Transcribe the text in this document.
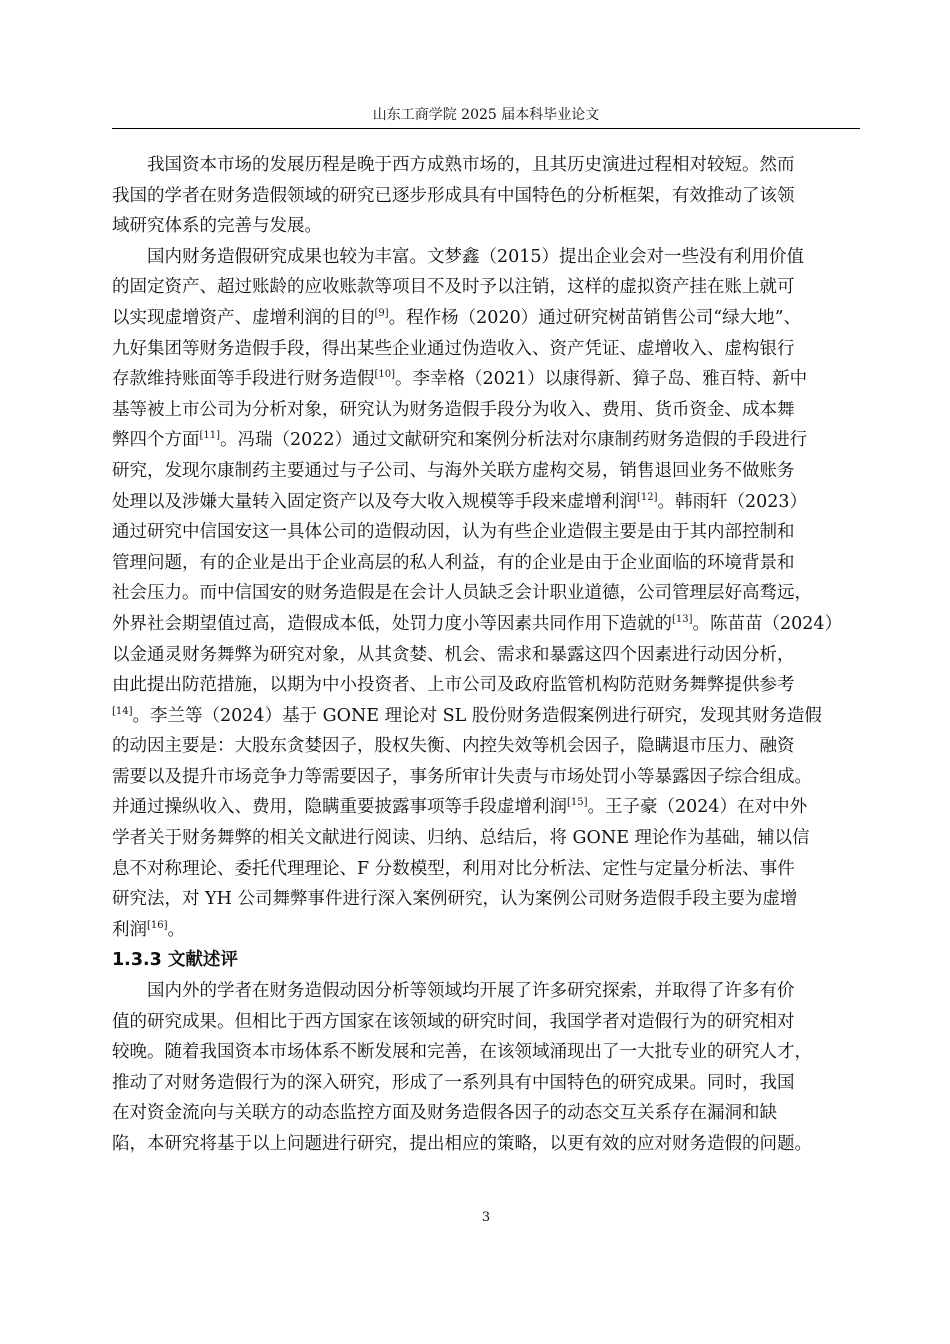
山东工商学院 2025 届本科毕业论文

我国资本市场的发展历程是晚于西方成熟市场的，且其历史演进过程相对较短。然而
我国的学者在财务造假领域的研究已逐步形成具有中国特色的分析框架，有效推动了该领
域研究体系的完善与发展。

国内财务造假研究成果也较为丰富。文梦鑫（2015）提出企业会对一些没有利用价值
的固定资产、超过账龄的应收账款等项目不及时予以注销，这样的虚拟资产挂在账上就可
以实现虚增资产、虚增利润的目的[9]。程作杨（2020）通过研究树苗销售公司“绿大地”、
九好集团等财务造假手段，得出某些企业通过伪造收入、资产凭证、虚增收入、虚构银行
存款维持账面等手段进行财务造假[10]。李幸格（2021）以康得新、獐子岛、雅百特、新中
基等被上市公司为分析对象，研究认为财务造假手段分为收入、费用、货币资金、成本舞
弊四个方面[11]。冯瑞（2022）通过文献研究和案例分析法对尔康制药财务造假的手段进行
研究，发现尔康制药主要通过与子公司、与海外关联方虚构交易，销售退回业务不做账务
处理以及涉嫌大量转入固定资产以及夸大收入规模等手段来虚增利润[12]。韩雨轩（2023）
通过研究中信国安这一具体公司的造假动因，认为有些企业造假主要是由于其内部控制和
管理问题，有的企业是出于企业高层的私人利益，有的企业是由于企业面临的环境背景和
社会压力。而中信国安的财务造假是在会计人员缺乏会计职业道德，公司管理层好高骛远，
外界社会期望值过高，造假成本低，处罚力度小等因素共同作用下造就的[13]。陈苗苗（2024）
以金通灵财务舞弊为研究对象，从其贪婪、机会、需求和暴露这四个因素进行动因分析，
由此提出防范措施，以期为中小投资者、上市公司及政府监管机构防范财务舞弊提供参考
[14]。李兰等（2024）基于 GONE 理论对 SL 股份财务造假案例进行研究，发现其财务造假
的动因主要是：大股东贪婪因子，股权失衡、内控失效等机会因子，隐瞒退市压力、融资
需要以及提升市场竞争力等需要因子，事务所审计失责与市场处罚小等暴露因子综合组成。
并通过操纵收入、费用，隐瞒重要披露事项等手段虚增利润[15]。王子豪（2024）在对中外
学者关于财务舞弊的相关文献进行阅读、归纳、总结后，将 GONE 理论作为基础，辅以信
息不对称理论、委托代理理论、F 分数模型，利用对比分析法、定性与定量分析法、事件
研究法，对 YH 公司舞弊事件进行深入案例研究，认为案例公司财务造假手段主要为虚增
利润[16]。

1.3.3 文献述评

国内外的学者在财务造假动因分析等领域均开展了许多研究探索，并取得了许多有价
值的研究成果。但相比于西方国家在该领域的研究时间，我国学者对造假行为的研究相对
较晚。随着我国资本市场体系不断发展和完善，在该领域涌现出了一大批专业的研究人才，
推动了对财务造假行为的深入研究，形成了一系列具有中国特色的研究成果。同时，我国
在对资金流向与关联方的动态监控方面及财务造假各因子的动态交互关系存在漏洞和缺
陷，本研究将基于以上问题进行研究，提出相应的策略，以更有效的应对财务造假的问题。

3
